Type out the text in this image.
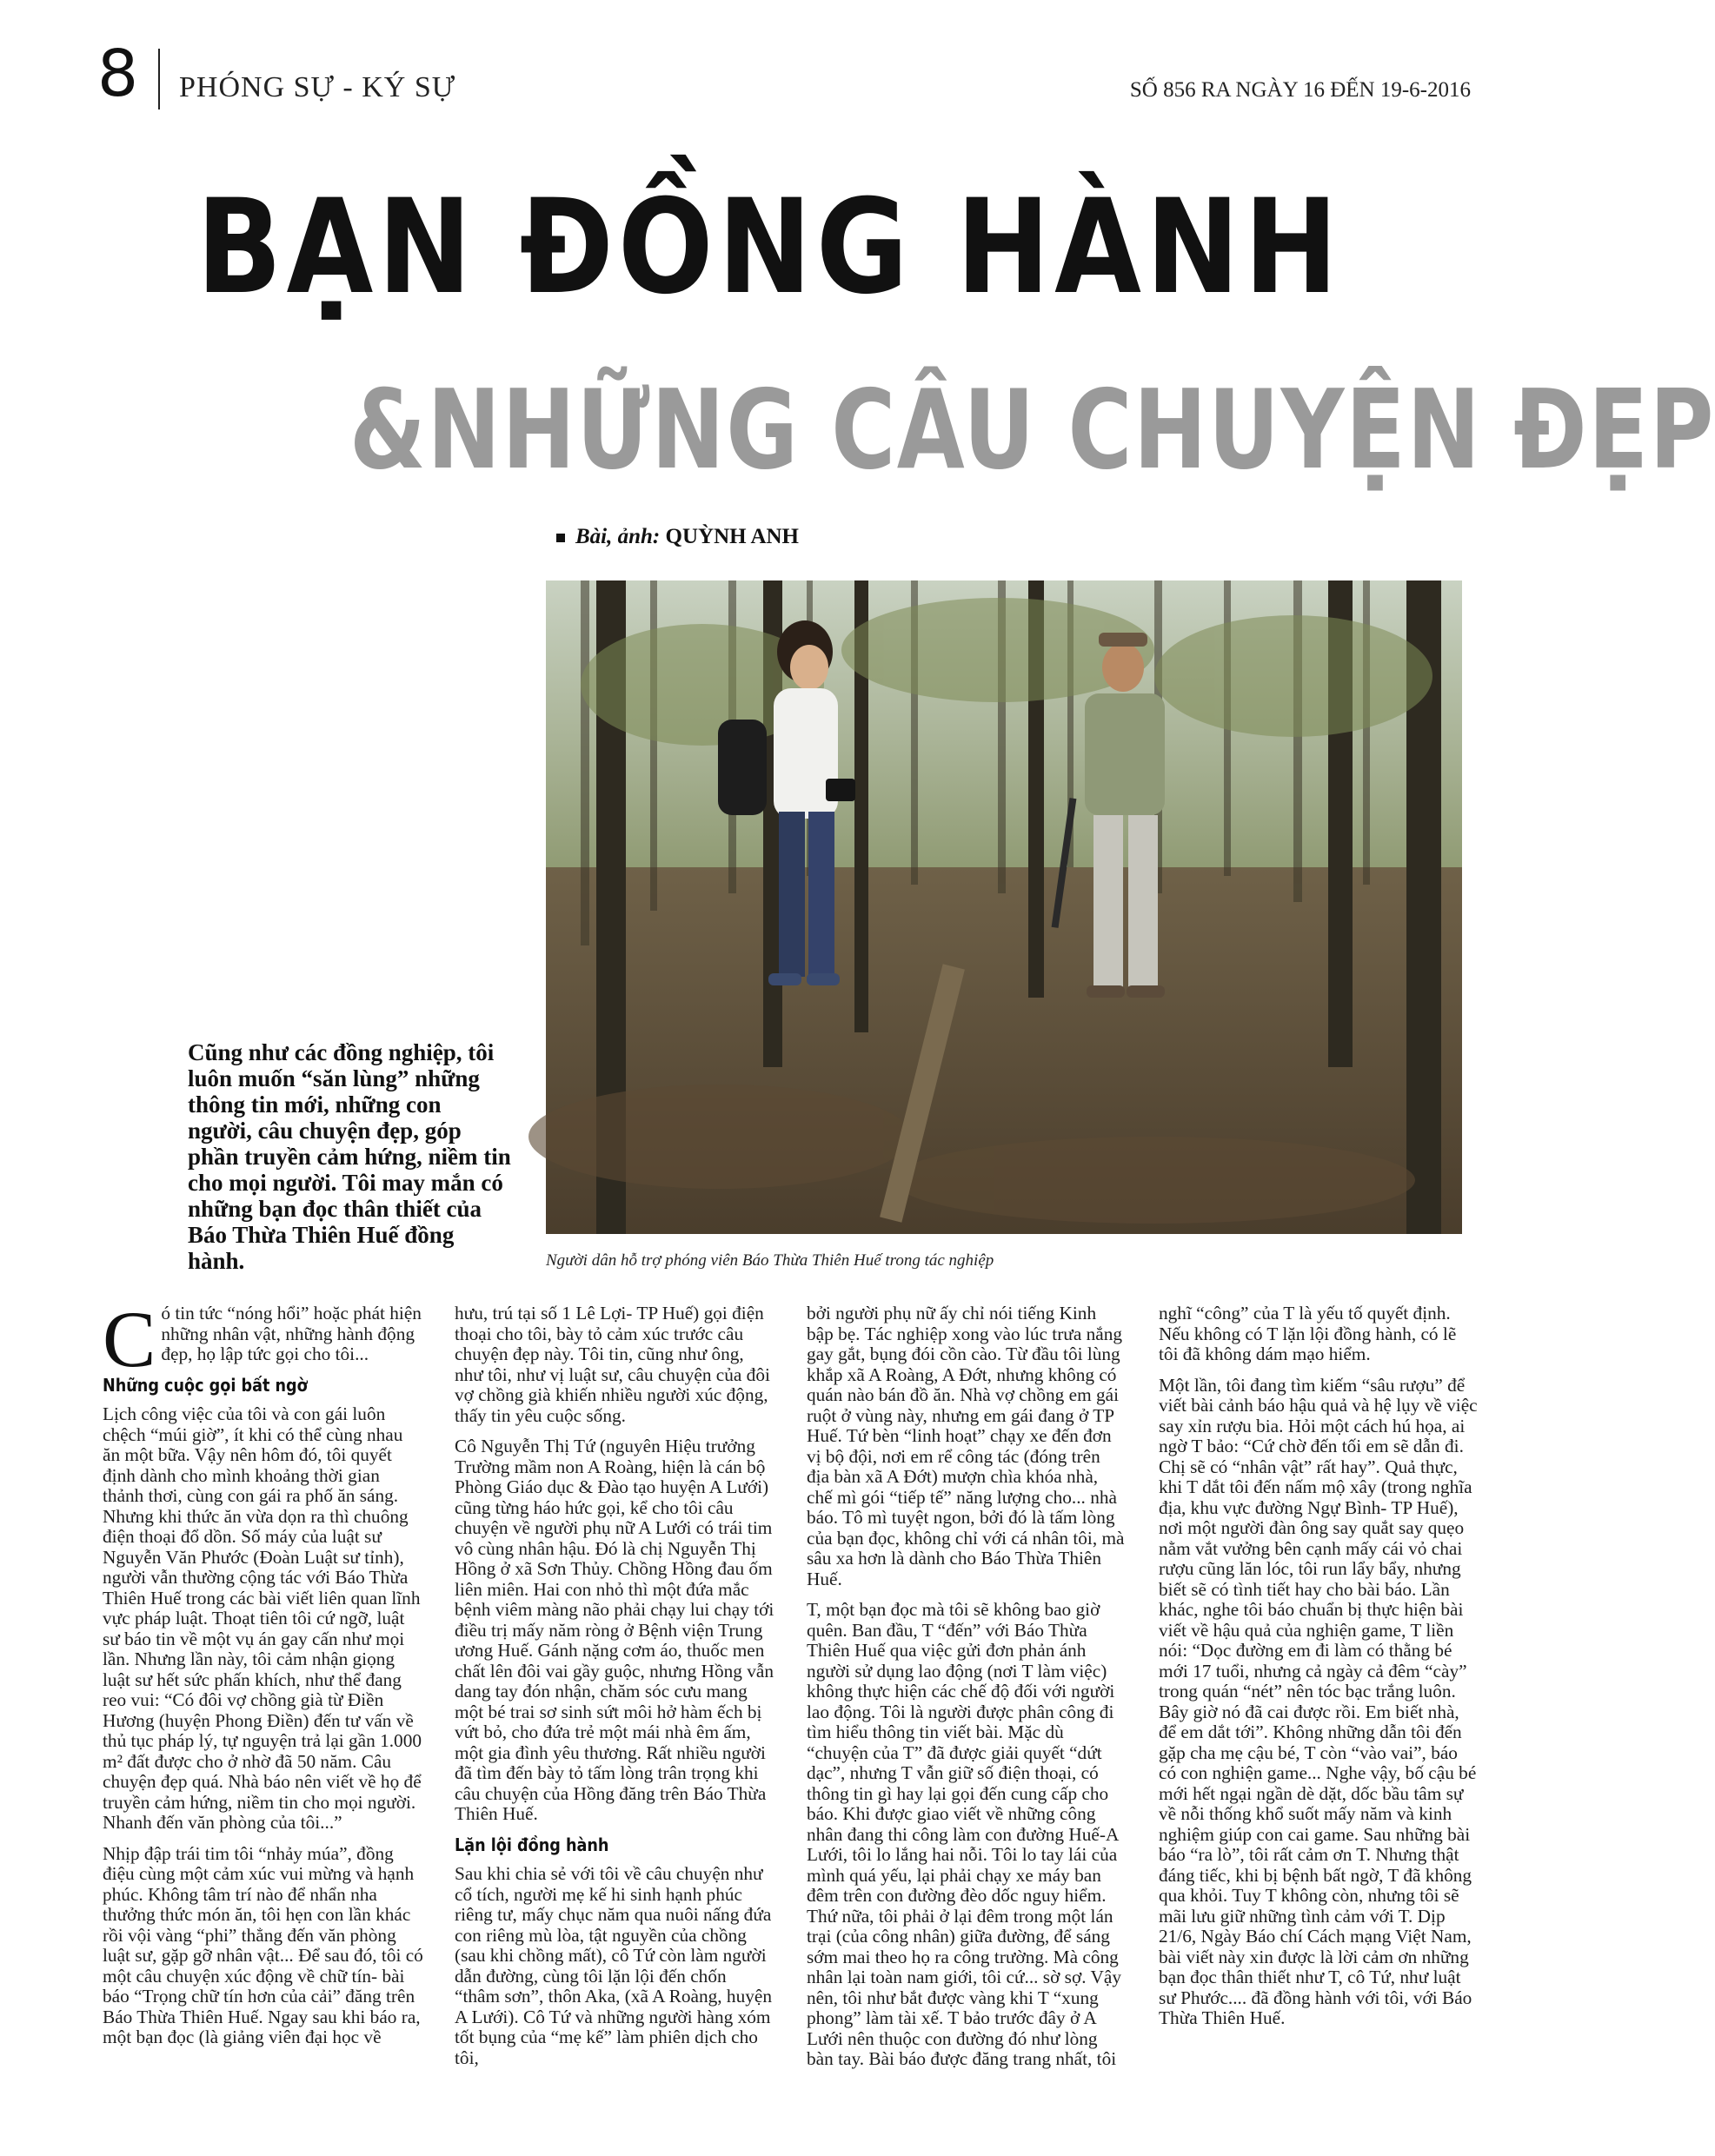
8 PHÓNG SỰ - KÝ SỰ	SỐ 856 RA NGÀY 16 ĐẾN 19-6-2016
BẠN ĐỒNG HÀNH
&NHỮNG CÂU CHUYỆN ĐẸP
Bài, ảnh: QUỲNH ANH
Người dân hỗ trợ phóng viên Báo Thừa Thiên Huế trong tác nghiệp

Cũng như các đồng nghiệp, tôi luôn muốn “săn lùng” những thông tin mới, những con người, câu chuyện đẹp, góp phần truyền cảm hứng, niềm tin cho mọi người. Tôi may mắn có những bạn đọc thân thiết của Báo Thừa Thiên Huế đồng hành.

Có tin tức “nóng hổi” hoặc phát hiện những nhân vật, những hành động đẹp, họ lập tức gọi cho tôi...

Những cuộc gọi bất ngờ

Lịch công việc của tôi và con gái luôn chệch “múi giờ”, ít khi có thể cùng nhau ăn một bữa. Vậy nên hôm đó, tôi quyết định dành cho mình khoảng thời gian thảnh thơi, cùng con gái ra phố ăn sáng. Nhưng khi thức ăn vừa dọn ra thì chuông điện thoại đổ dồn. Số máy của luật sư Nguyễn Văn Phước (Đoàn Luật sư tỉnh), người vẫn thường cộng tác với Báo Thừa Thiên Huế trong các bài viết liên quan lĩnh vực pháp luật. Thoạt tiên tôi cứ ngỡ, luật sư báo tin về một vụ án gay cấn như mọi lần. Nhưng lần này, tôi cảm nhận giọng luật sư hết sức phấn khích, như thể đang reo vui: “Có đôi vợ chồng già từ Điền Hương (huyện Phong Điền) đến tư vấn về thủ tục pháp lý, tự nguyện trả lại gần 1.000 m² đất được cho ở nhờ đã 50 năm. Câu chuyện đẹp quá. Nhà báo nên viết về họ để truyền cảm hứng, niềm tin cho mọi người. Nhanh đến văn phòng của tôi...”

Nhịp đập trái tim tôi “nhảy múa”, đồng điệu cùng một cảm xúc vui mừng và hạnh phúc. Không tâm trí nào để nhẩn nha thưởng thức món ăn, tôi hẹn con lần khác rồi vội vàng “phi” thẳng đến văn phòng luật sư, gặp gỡ nhân vật... Để sau đó, tôi có một câu chuyện xúc động về chữ tín- bài báo “Trọng chữ tín hơn của cải” đăng trên Báo Thừa Thiên Huế. Ngay sau khi báo ra, một bạn đọc (là giảng viên đại học về

hưu, trú tại số 1 Lê Lợi- TP Huế) gọi điện thoại cho tôi, bày tỏ cảm xúc trước câu chuyện đẹp này. Tôi tin, cũng như ông, như tôi, như vị luật sư, câu chuyện của đôi vợ chồng già khiến nhiều người xúc động, thấy tin yêu cuộc sống.

Cô Nguyễn Thị Tứ (nguyên Hiệu trưởng Trường mầm non A Roàng, hiện là cán bộ Phòng Giáo dục & Đào tạo huyện A Lưới) cũng từng háo hức gọi, kể cho tôi câu chuyện về người phụ nữ A Lưới có trái tim vô cùng nhân hậu. Đó là chị Nguyễn Thị Hồng ở xã Sơn Thủy. Chồng Hồng đau ốm liên miên. Hai con nhỏ thì một đứa mắc bệnh viêm màng não phải chạy lui chạy tới điều trị mấy năm ròng ở Bệnh viện Trung ương Huế. Gánh nặng cơm áo, thuốc men chất lên đôi vai gầy guộc, nhưng Hồng vẫn dang tay đón nhận, chăm sóc cưu mang một bé trai sơ sinh sứt môi hở hàm ếch bị vứt bỏ, cho đứa trẻ một mái nhà êm ấm, một gia đình yêu thương. Rất nhiều người đã tìm đến bày tỏ tấm lòng trân trọng khi câu chuyện của Hồng đăng trên Báo Thừa Thiên Huế.

Lặn lội đồng hành

Sau khi chia sẻ với tôi về câu chuyện như cổ tích, người mẹ kế hi sinh hạnh phúc riêng tư, mấy chục năm qua nuôi nấng đứa con riêng mù lòa, tật nguyền của chồng (sau khi chồng mất), cô Tứ còn làm người dẫn đường, cùng tôi lặn lội đến chốn “thâm sơn”, thôn Aka, (xã A Roàng, huyện A Lưới). Cô Tứ và những người hàng xóm tốt bụng của “mẹ kế” làm phiên dịch cho tôi,

bởi người phụ nữ ấy chỉ nói tiếng Kinh bập bẹ. Tác nghiệp xong vào lúc trưa nắng gay gắt, bụng đói cồn cào. Từ đầu tôi lùng khắp xã A Roàng, A Đớt, nhưng không có quán nào bán đồ ăn. Nhà vợ chồng em gái ruột ở vùng này, nhưng em gái đang ở TP Huế. Tứ bèn “linh hoạt” chạy xe đến đơn vị bộ đội, nơi em rể công tác (đóng trên địa bàn xã A Đớt) mượn chìa khóa nhà, chế mì gói “tiếp tế” năng lượng cho... nhà báo. Tô mì tuyệt ngon, bởi đó là tấm lòng của bạn đọc, không chỉ với cá nhân tôi, mà sâu xa hơn là dành cho Báo Thừa Thiên Huế.

T, một bạn đọc mà tôi sẽ không bao giờ quên. Ban đầu, T “đến” với Báo Thừa Thiên Huế qua việc gửi đơn phản ánh người sử dụng lao động (nơi T làm việc) không thực hiện các chế độ đối với người lao động. Tôi là người được phân công đi tìm hiểu thông tin viết bài. Mặc dù “chuyện của T” đã được giải quyết “dứt dạc”, nhưng T vẫn giữ số điện thoại, có thông tin gì hay lại gọi đến cung cấp cho báo. Khi được giao viết về những công nhân đang thi công làm con đường Huế-A Lưới, tôi lo lắng hai nỗi. Tôi lo tay lái của mình quá yếu, lại phải chạy xe máy ban đêm trên con đường đèo dốc nguy hiểm. Thứ nữa, tôi phải ở lại đêm trong một lán trại (của công nhân) giữa đường, để sáng sớm mai theo họ ra công trường. Mà công nhân lại toàn nam giới, tôi cứ... sờ sợ. Vậy nên, tôi như bắt được vàng khi T “xung phong” làm tài xế. T bảo trước đây ở A Lưới nên thuộc con đường đó như lòng bàn tay. Bài báo được đăng trang nhất, tôi

nghĩ “công” của T là yếu tố quyết định. Nếu không có T lặn lội đồng hành, có lẽ tôi đã không dám mạo hiểm.

Một lần, tôi đang tìm kiếm “sâu rượu” để viết bài cảnh báo hậu quả và hệ lụy về việc say xỉn rượu bia. Hỏi một cách hú họa, ai ngờ T bảo: “Cứ chờ đến tối em sẽ dẫn đi. Chị sẽ có “nhân vật” rất hay”. Quả thực, khi T dắt tôi đến nấm mộ xây (trong nghĩa địa, khu vực đường Ngự Bình- TP Huế), nơi một người đàn ông say quắt say quẹo nằm vắt vưởng bên cạnh mấy cái vỏ chai rượu cũng lăn lóc, tôi run lẩy bẩy, nhưng biết sẽ có tình tiết hay cho bài báo. Lần khác, nghe tôi báo chuẩn bị thực hiện bài viết về hậu quả của nghiện game, T liền nói: “Dọc đường em đi làm có thằng bé mới 17 tuổi, nhưng cả ngày cả đêm “cày” trong quán “nét” nên tóc bạc trắng luôn. Bây giờ nó đã cai được rồi. Em biết nhà, để em dắt tới”. Không những dẫn tôi đến gặp cha mẹ cậu bé, T còn “vào vai”, báo có con nghiện game... Nghe vậy, bố cậu bé mới hết ngại ngần dè dặt, dốc bầu tâm sự về nỗi thống khổ suốt mấy năm và kinh nghiệm giúp con cai game. Sau những bài báo “ra lò”, tôi rất cảm ơn T. Nhưng thật đáng tiếc, khi bị bệnh bất ngờ, T đã không qua khỏi. Tuy T không còn, nhưng tôi sẽ mãi lưu giữ những tình cảm với T. Dịp 21/6, Ngày Báo chí Cách mạng Việt Nam, bài viết này xin được là lời cảm ơn những bạn đọc thân thiết như T, cô Tứ, như luật sư Phước.... đã đồng hành với tôi, với Báo Thừa Thiên Huế.
